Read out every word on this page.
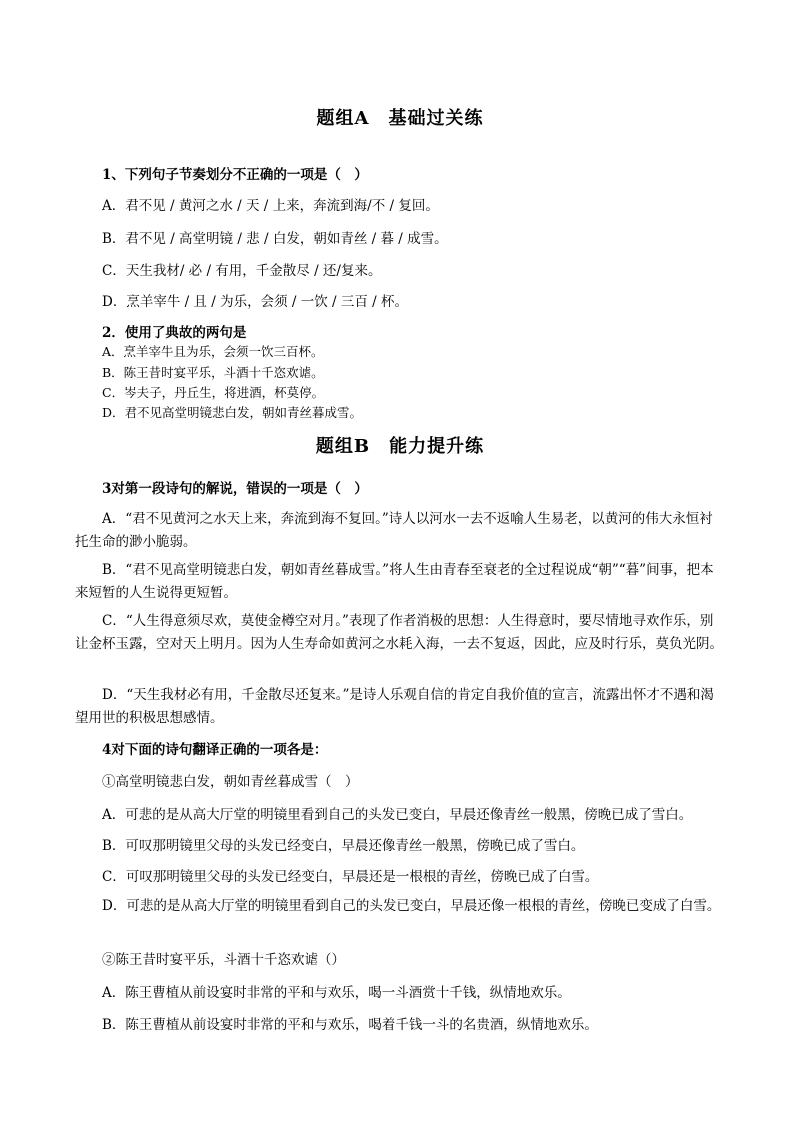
题组A　基础过关练

1、下列句子节奏划分不正确的一项是（　）

A．君不见 / 黄河之水 / 天 / 上来，奔流到海/不 / 复回。

B．君不见 / 高堂明镜 / 悲 / 白发，朝如青丝 / 暮 / 成雪。

C．天生我材/ 必 / 有用，千金散尽 / 还/复来。

D．烹羊宰牛 / 且 / 为乐，会须 / 一饮 / 三百 / 杯。

2．使用了典故的两句是

A．烹羊宰牛且为乐，会须一饮三百杯。

B．陈王昔时宴平乐，斗酒十千恣欢谑。

C．岑夫子，丹丘生，将进酒，杯莫停。

D．君不见高堂明镜悲白发，朝如青丝暮成雪。

题组B　能力提升练

3对第一段诗句的解说，错误的一项是（　）

A．“君不见黄河之水天上来，奔流到海不复回。”诗人以河水一去不返喻人生易老，以黄河的伟大永恒衬托生命的渺小脆弱。

B．“君不见高堂明镜悲白发，朝如青丝暮成雪。”将人生由青春至衰老的全过程说成“朝”“暮”间事，把本来短暂的人生说得更短暂。

C．“人生得意须尽欢，莫使金樽空对月。”表现了作者消极的思想：人生得意时，要尽情地寻欢作乐，别让金杯玉露，空对天上明月。因为人生寿命如黄河之水耗入海，一去不复返，因此，应及时行乐，莫负光阴。

D．“天生我材必有用，千金散尽还复来。”是诗人乐观自信的肯定自我价值的宣言，流露出怀才不遇和渴望用世的积极思想感情。

4对下面的诗句翻译正确的一项各是：

①高堂明镜悲白发，朝如青丝暮成雪（　）

A．可悲的是从高大厅堂的明镜里看到自己的头发已变白，早晨还像青丝一般黑，傍晚已成了雪白。

B．可叹那明镜里父母的头发已经变白，早晨还像青丝一般黑，傍晚已成了雪白。

C．可叹那明镜里父母的头发已经变白，早晨还是一根根的青丝，傍晚已成了白雪。

D．可悲的是从高大厅堂的明镜里看到自己的头发已变白，早晨还像一根根的青丝，傍晚已变成了白雪。

②陈王昔时宴平乐，斗酒十千恣欢谑（）

A．陈王曹植从前设宴时非常的平和与欢乐，喝一斗酒赏十千钱，纵情地欢乐。

B．陈王曹植从前设宴时非常的平和与欢乐，喝着千钱一斗的名贵酒，纵情地欢乐。
